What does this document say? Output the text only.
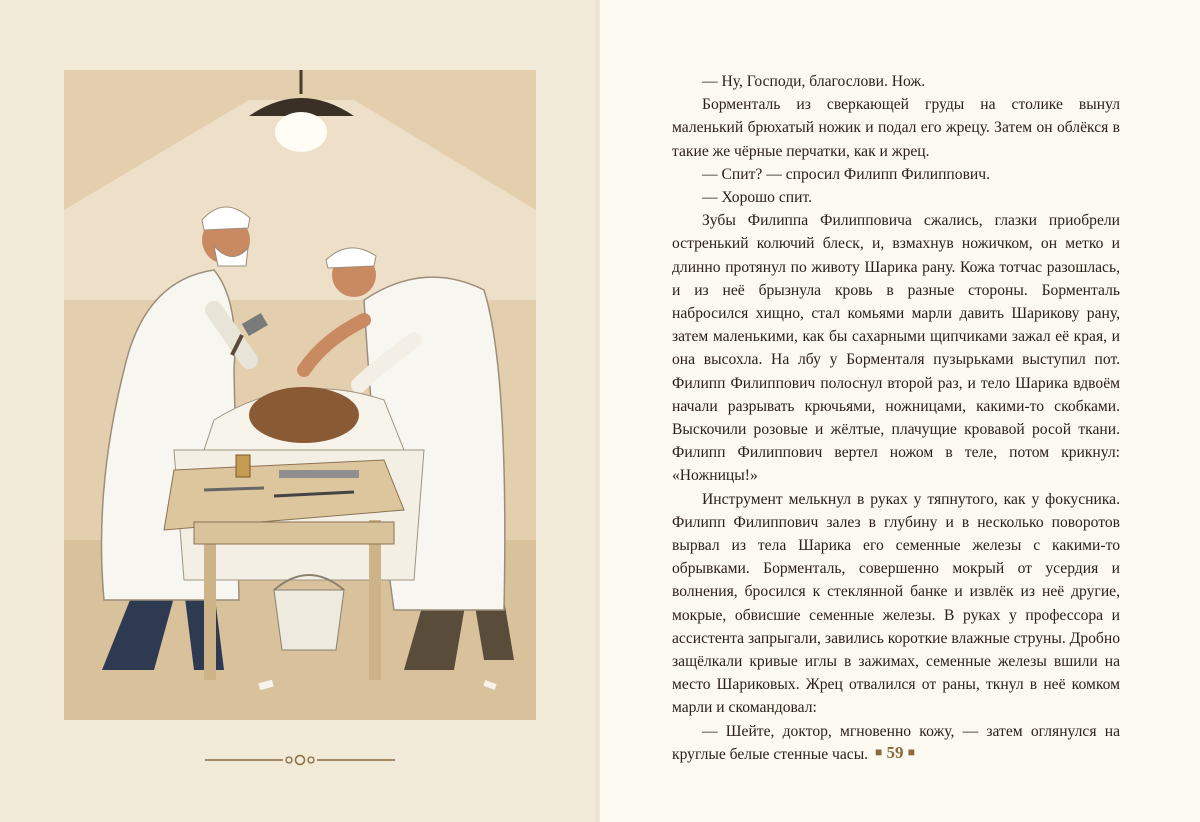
— Ну, Господи, благослови. Нож.

Борменталь из сверкающей груды на столике вынул маленький брюхатый ножик и подал его жрецу. Затем он облёкся в такие же чёрные перчатки, как и жрец.

— Спит? — спросил Филипп Филиппович.

— Хорошо спит.

Зубы Филиппа Филипповича сжались, глазки приобрели остренький колючий блеск, и, взмахнув ножичком, он метко и длинно протянул по животу Шарика рану. Кожа тотчас разошлась, и из неё брызнула кровь в разные стороны. Борменталь набросился хищно, стал комьями марли давить Шарикову рану, затем маленькими, как бы сахарными щипчиками зажал её края, и она высохла. На лбу у Борменталя пузырьками выступил пот. Филипп Филиппович полоснул второй раз, и тело Шарика вдвоём начали разрывать крючьями, ножницами, какими-то скобками. Выскочили розовые и жёлтые, плачущие кровавой росой ткани. Филипп Филиппович вертел ножом в теле, потом крикнул: «Ножницы!»

Инструмент мелькнул в руках у тяпнутого, как у фокусника. Филипп Филиппович залез в глубину и в несколько поворотов вырвал из тела Шарика его семенные железы с какими-то обрывками. Борменталь, совершенно мокрый от усердия и волнения, бросился к стеклянной банке и извлёк из неё другие, мокрые, обвисшие семенные железы. В руках у профессора и ассистента запрыгали, завились короткие влажные струны. Дробно защёлкали кривые иглы в зажимах, семенные железы вшили на место Шариковых. Жрец отвалился от раны, ткнул в неё комком марли и скомандовал:

— Шейте, доктор, мгновенно кожу, — затем оглянулся на круглые белые стенные часы. ■ 59 ■
